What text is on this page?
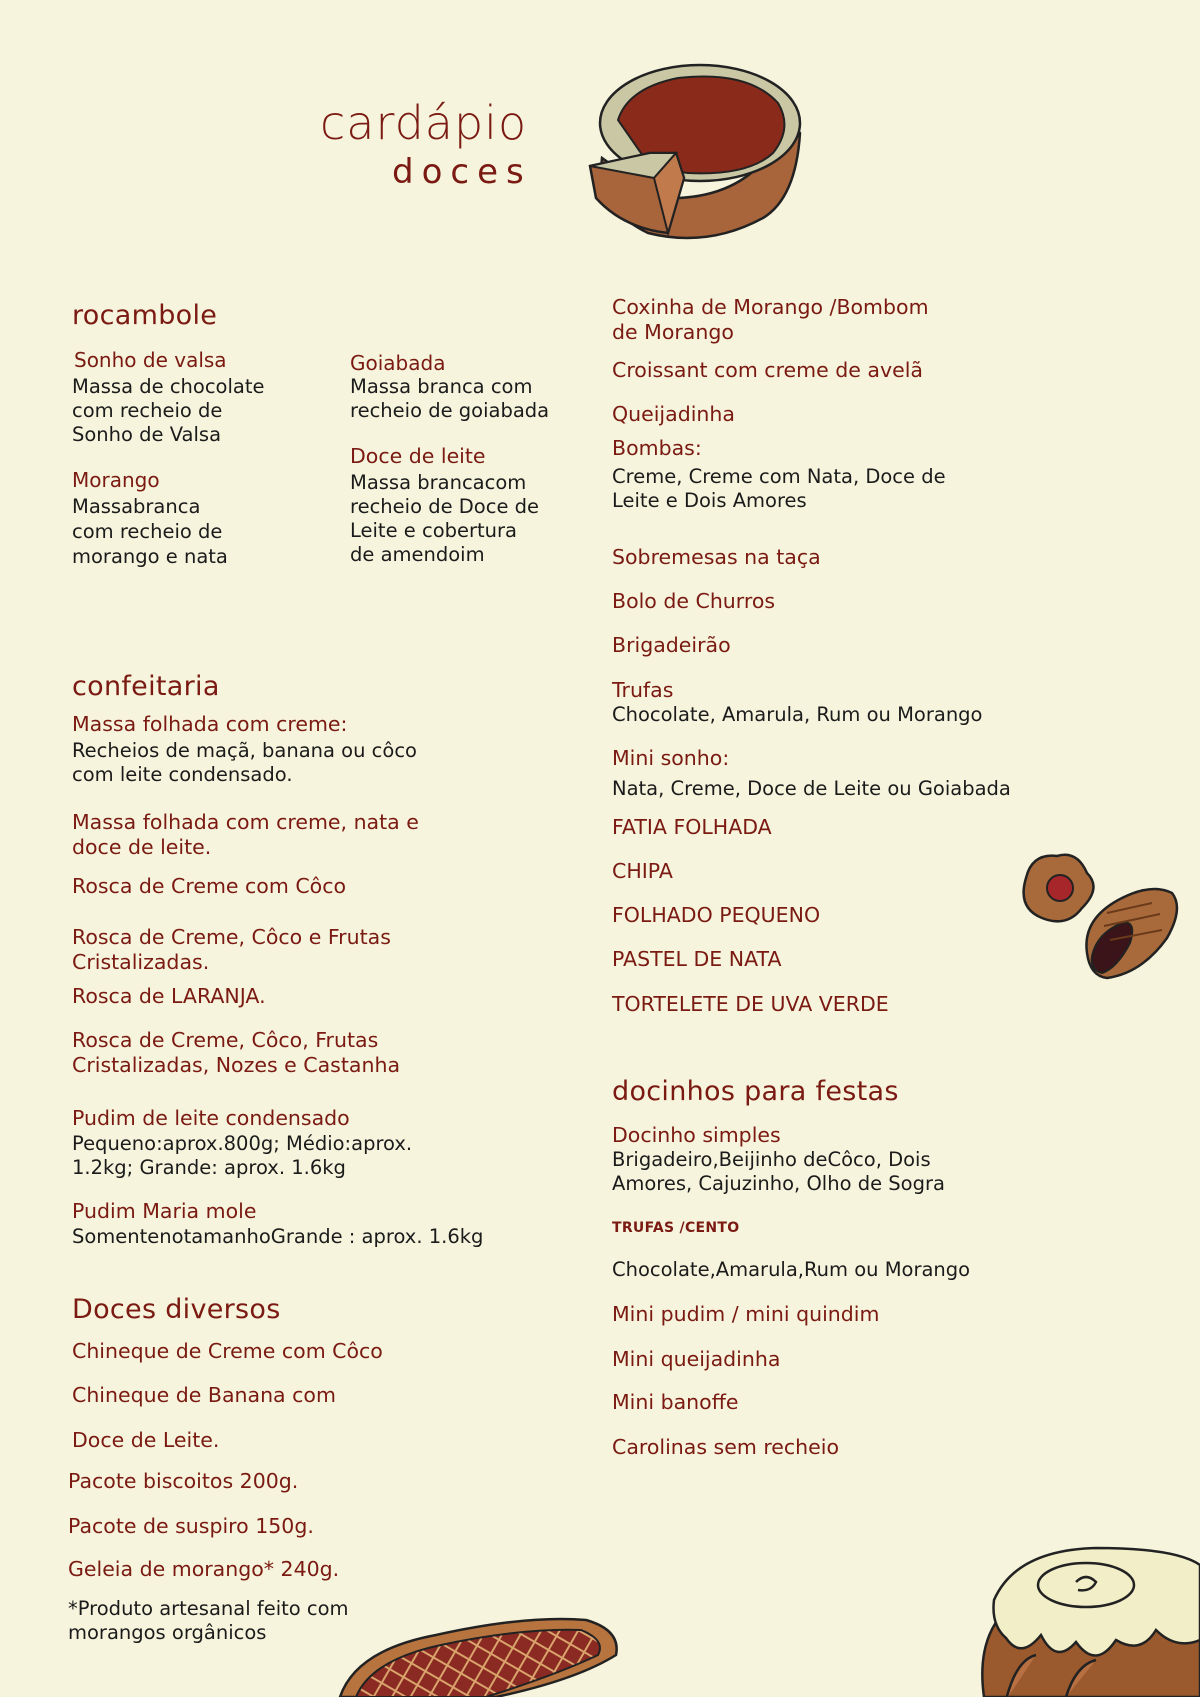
cardápio
doces
rocambole
Sonho de valsa
Massa de chocolate
com recheio de
Sonho de Valsa
Morango
Massabranca
com recheio de
morango e nata
Goiabada
Massa branca com
recheio de goiabada
Doce de leite
Massa brancacom
recheio de Doce de
Leite e cobertura
de amendoim
confeitaria
Massa folhada com creme:
Recheios de maçã, banana ou côco
com leite condensado.
Massa folhada com creme, nata e
doce de leite.
Rosca de Creme com Côco
Rosca de Creme, Côco e Frutas
Cristalizadas.
Rosca de LARANJA.
Rosca de Creme, Côco, Frutas
Cristalizadas, Nozes e Castanha
Pudim de leite condensado
Pequeno:aprox.800g; Médio:aprox.
1.2kg; Grande: aprox. 1.6kg
Pudim Maria mole
SomentenotamanhoGrande : aprox. 1.6kg
Doces diversos
Chineque de Creme com Côco
Chineque de Banana com
Doce de Leite.
Pacote biscoitos 200g.
Pacote de suspiro 150g.
Geleia de morango* 240g.
*Produto artesanal feito com
morangos orgânicos
Coxinha de Morango /Bombom
de Morango
Croissant com creme de avelã
Queijadinha
Bombas:
Creme, Creme com Nata, Doce de
Leite e Dois Amores
Sobremesas na taça
Bolo de Churros
Brigadeirão
Trufas
Chocolate, Amarula, Rum ou Morango
Mini sonho:
Nata, Creme, Doce de Leite ou Goiabada
FATIA FOLHADA
CHIPA
FOLHADO PEQUENO
PASTEL DE NATA
TORTELETE DE UVA VERDE
docinhos para festas
Docinho simples
Brigadeiro,Beijinho deCôco, Dois
Amores, Cajuzinho, Olho de Sogra
TRUFAS /CENTO
Chocolate,Amarula,Rum ou Morango
Mini pudim / mini quindim
Mini queijadinha
Mini banoffe
Carolinas sem recheio
